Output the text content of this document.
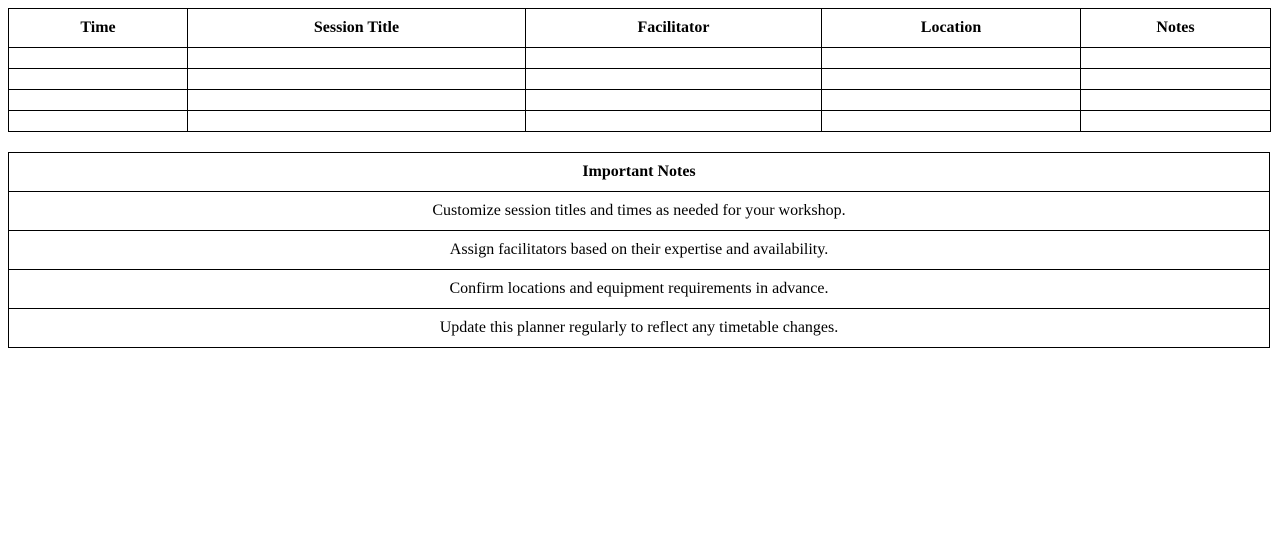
Time	Session Title	Facilitator	Location	Notes

Important Notes
Customize session titles and times as needed for your workshop.
Assign facilitators based on their expertise and availability.
Confirm locations and equipment requirements in advance.
Update this planner regularly to reflect any timetable changes.
